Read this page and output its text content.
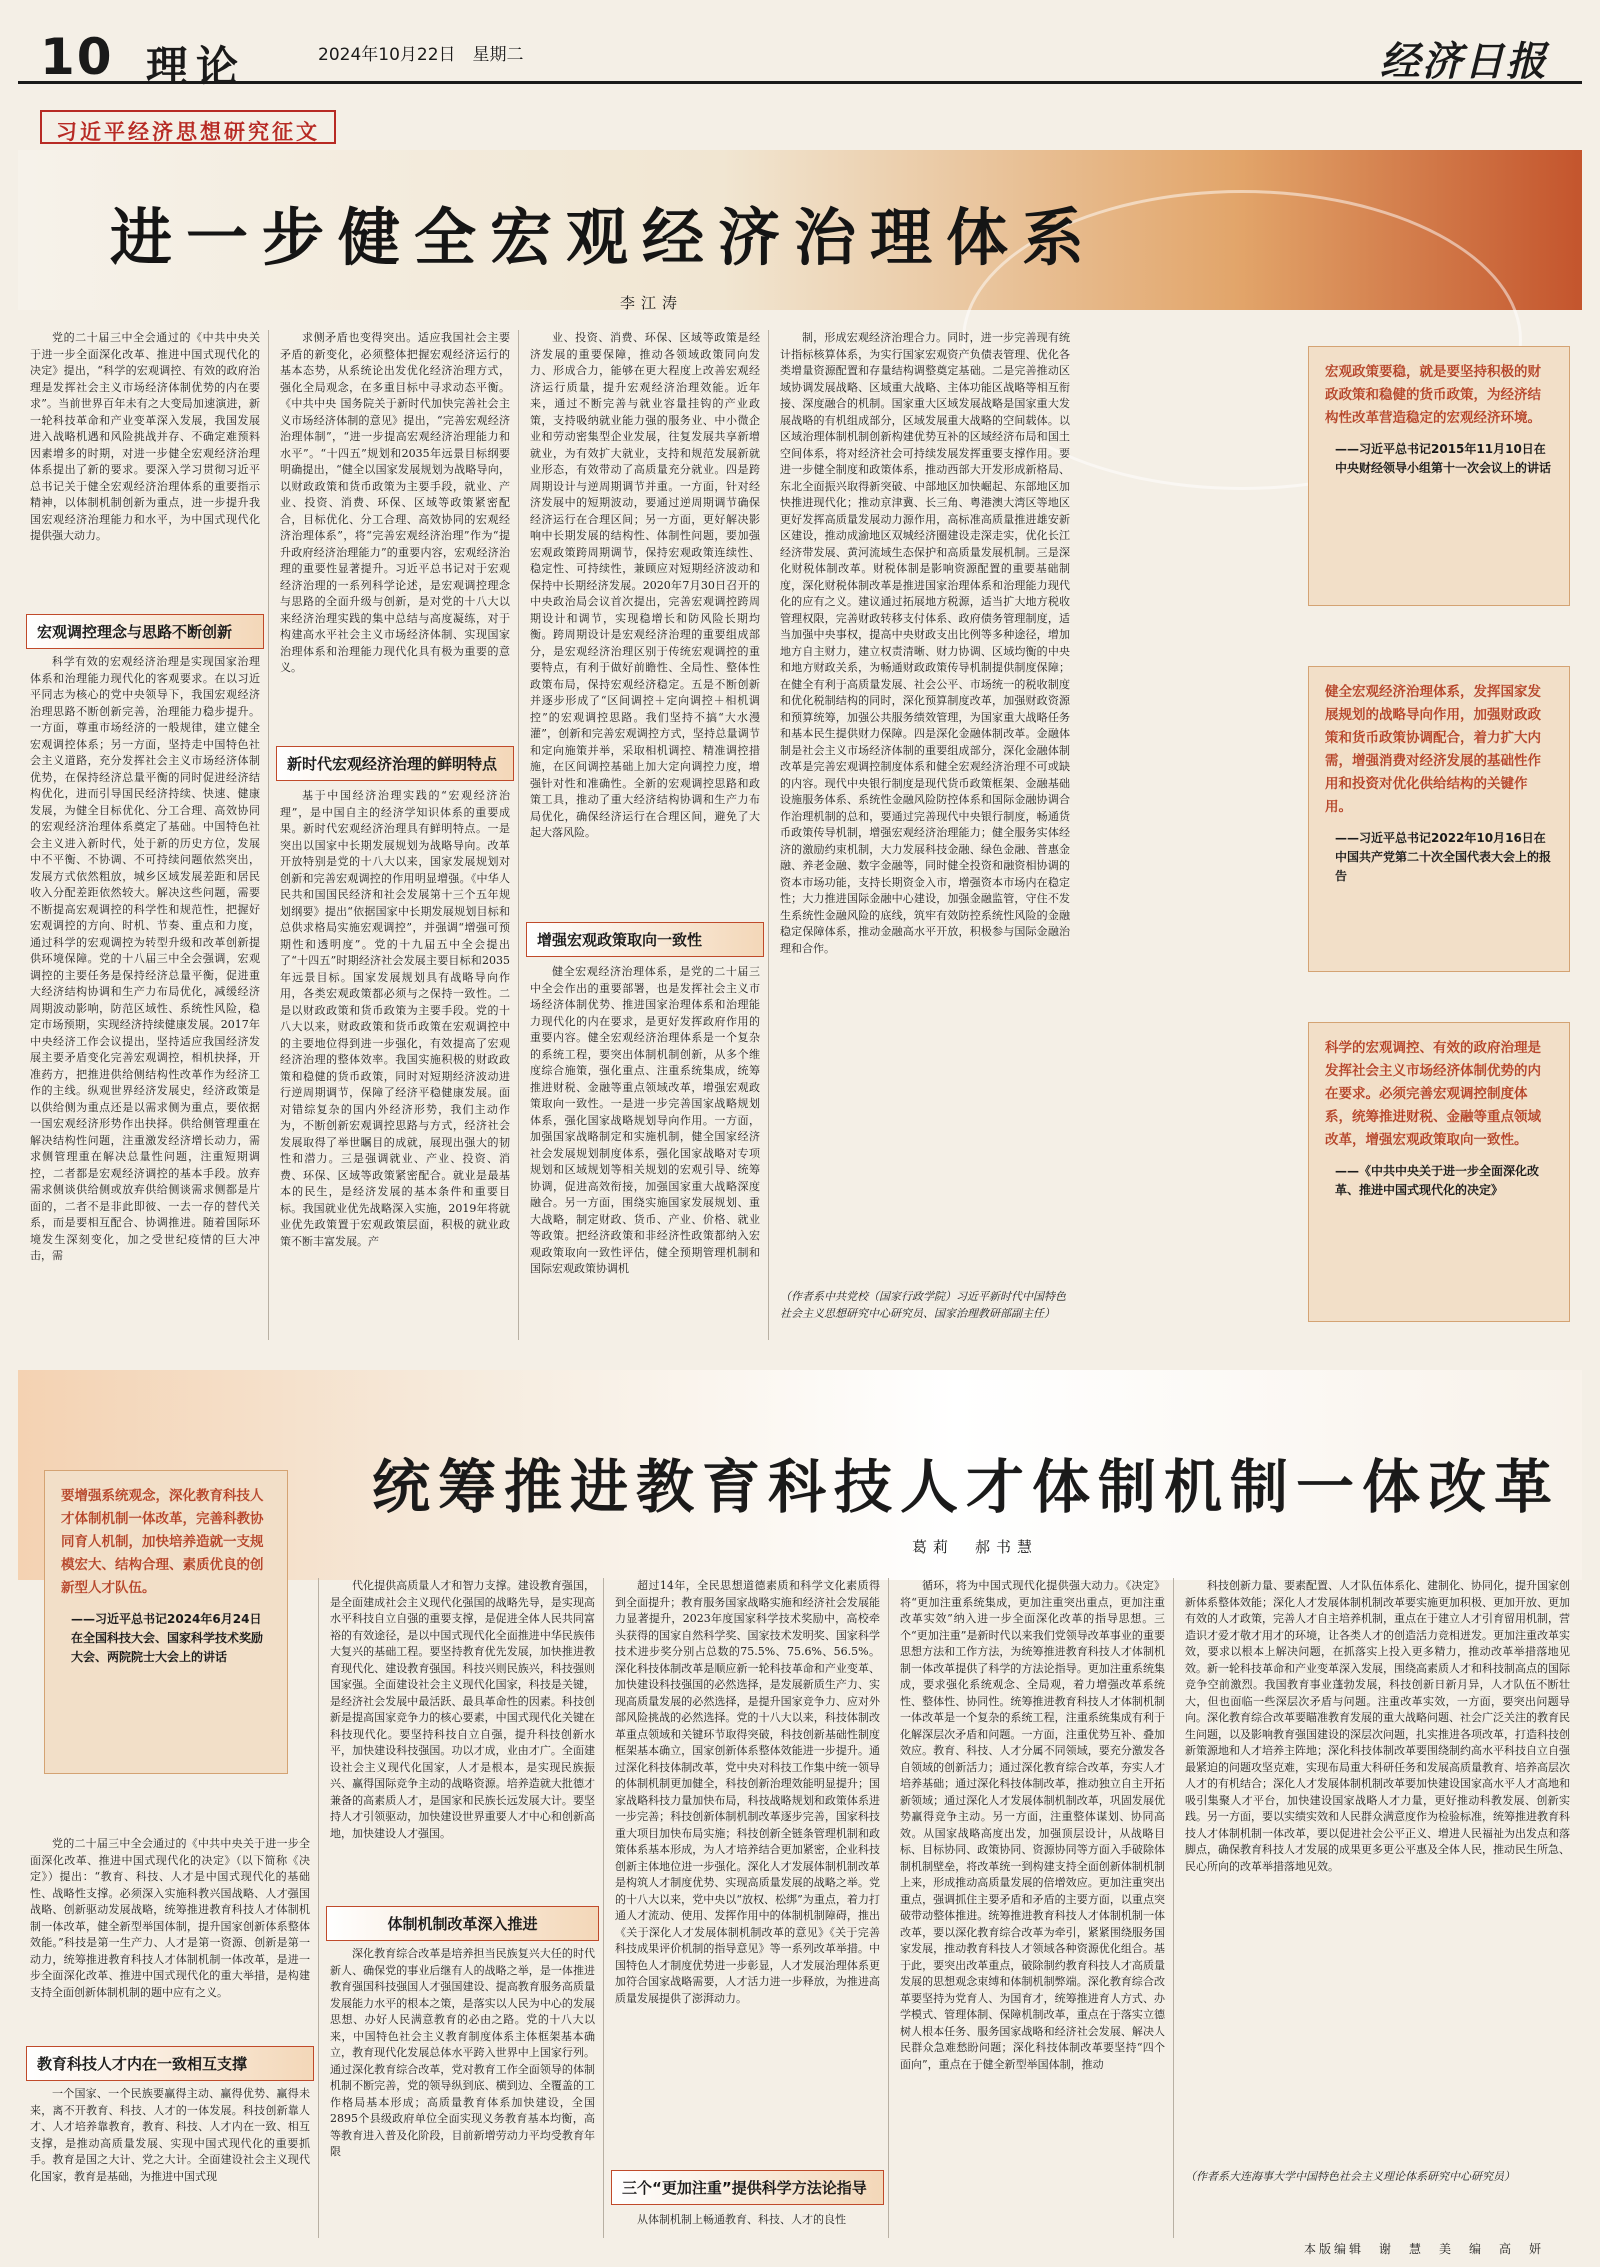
10 理论	2024年10月22日　星期二	经济日报
习近平经济思想研究征文
进一步健全宏观经济治理体系
李江涛

党的二十届三中全会通过的《中共中央关于进一步全面深化改革、推进中国式现代化的决定》提出，“科学的宏观调控、有效的政府治理是发挥社会主义市场经济体制优势的内在要求”。当前世界百年未有之大变局加速演进，新一轮科技革命和产业变革深入发展，我国发展进入战略机遇和风险挑战并存、不确定难预料因素增多的时期，对进一步健全宏观经济治理体系提出了新的要求。要深入学习贯彻习近平总书记关于健全宏观经济治理体系的重要指示精神，以体制机制创新为重点，进一步提升我国宏观经济治理能力和水平，为中国式现代化提供强大动力。

宏观调控理念与思路不断创新

科学有效的宏观经济治理是实现国家治理体系和治理能力现代化的客观要求。在以习近平同志为核心的党中央领导下，我国宏观经济治理思路不断创新完善，治理能力稳步提升。一方面，尊重市场经济的一般规律，建立健全宏观调控体系；另一方面，坚持走中国特色社会主义道路，充分发挥社会主义市场经济体制优势，在保持经济总量平衡的同时促进经济结构优化，进而引导国民经济持续、快速、健康发展，为健全目标优化、分工合理、高效协同的宏观经济治理体系奠定了基础。中国特色社会主义进入新时代，处于新的历史方位，发展中不平衡、不协调、不可持续问题依然突出，发展方式依然粗放，城乡区域发展差距和居民收入分配差距依然较大。解决这些问题，需要不断提高宏观调控的科学性和规范性，把握好宏观调控的方向、时机、节奏、重点和力度，通过科学的宏观调控为转型升级和改革创新提供环境保障。党的十八届三中全会强调，宏观调控的主要任务是保持经济总量平衡，促进重大经济结构协调和生产力布局优化，减缓经济周期波动影响，防范区域性、系统性风险，稳定市场预期，实现经济持续健康发展。2017年中央经济工作会议提出，坚持适应我国经济发展主要矛盾变化完善宏观调控，相机抉择，开准药方，把推进供给侧结构性改革作为经济工作的主线。纵观世界经济发展史，经济政策是以供给侧为重点还是以需求侧为重点，要依据一国宏观经济形势作出抉择。供给侧管理重在解决结构性问题，注重激发经济增长动力，需求侧管理重在解决总量性问题，注重短期调控，二者都是宏观经济调控的基本手段。放弃需求侧谈供给侧或放弃供给侧谈需求侧都是片面的，二者不是非此即彼、一去一存的替代关系，而是要相互配合、协调推进。随着国际环境发生深刻变化，加之受世纪疫情的巨大冲击，需

求侧矛盾也变得突出。适应我国社会主要矛盾的新变化，必须整体把握宏观经济运行的基本态势，从系统论出发优化经济治理方式，强化全局观念，在多重目标中寻求动态平衡。《中共中央 国务院关于新时代加快完善社会主义市场经济体制的意见》提出，“完善宏观经济治理体制”，“进一步提高宏观经济治理能力和水平”。“十四五”规划和2035年远景目标纲要明确提出，“健全以国家发展规划为战略导向，以财政政策和货币政策为主要手段，就业、产业、投资、消费、环保、区域等政策紧密配合，目标优化、分工合理、高效协同的宏观经济治理体系”，将“完善宏观经济治理”作为“提升政府经济治理能力”的重要内容，宏观经济治理的重要性显著提升。习近平总书记对于宏观经济治理的一系列科学论述，是宏观调控理念与思路的全面升级与创新，是对党的十八大以来经济治理实践的集中总结与高度凝练，对于构建高水平社会主义市场经济体制、实现国家治理体系和治理能力现代化具有极为重要的意义。

新时代宏观经济治理的鲜明特点

基于中国经济治理实践的“宏观经济治理”，是中国自主的经济学知识体系的重要成果。新时代宏观经济治理具有鲜明特点。一是突出以国家中长期发展规划为战略导向。改革开放特别是党的十八大以来，国家发展规划对创新和完善宏观调控的作用明显增强。《中华人民共和国国民经济和社会发展第十三个五年规划纲要》提出“依据国家中长期发展规划目标和总供求格局实施宏观调控”，并强调“增强可预期性和透明度”。党的十九届五中全会提出了“十四五”时期经济社会发展主要目标和2035年远景目标。国家发展规划具有战略导向作用，各类宏观政策都必须与之保持一致性。二是以财政政策和货币政策为主要手段。党的十八大以来，财政政策和货币政策在宏观调控中的主要地位得到进一步强化，有效提高了宏观经济治理的整体效率。我国实施积极的财政政策和稳健的货币政策，同时对短期经济波动进行逆周期调节，保障了经济平稳健康发展。面对错综复杂的国内外经济形势，我们主动作为，不断创新宏观调控思路与方式，经济社会发展取得了举世瞩目的成就，展现出强大的韧性和潜力。三是强调就业、产业、投资、消费、环保、区域等政策紧密配合。就业是最基本的民生，是经济发展的基本条件和重要目标。我国就业优先战略深入实施，2019年将就业优先政策置于宏观政策层面，积极的就业政策不断丰富发展。产

业、投资、消费、环保、区域等政策是经济发展的重要保障，推动各领域政策同向发力、形成合力，能够在更大程度上改善宏观经济运行质量，提升宏观经济治理效能。近年来，通过不断完善与就业容量挂钩的产业政策，支持吸纳就业能力强的服务业、中小微企业和劳动密集型企业发展，往复发展共享新增就业，为有效扩大就业，支持和规范发展新就业形态，有效带动了高质量充分就业。四是跨周期设计与逆周期调节并重。一方面，针对经济发展中的短期波动，要通过逆周期调节确保经济运行在合理区间；另一方面，更好解决影响中长期发展的结构性、体制性问题，要加强宏观政策跨周期调节，保持宏观政策连续性、稳定性、可持续性，兼顾应对短期经济波动和保持中长期经济发展。2020年7月30日召开的中央政治局会议首次提出，完善宏观调控跨周期设计和调节，实现稳增长和防风险长期均衡。跨周期设计是宏观经济治理的重要组成部分，是宏观经济治理区别于传统宏观调控的重要特点，有利于做好前瞻性、全局性、整体性政策布局，保持宏观经济稳定。五是不断创新并逐步形成了“区间调控＋定向调控＋相机调控”的宏观调控思路。我们坚持不搞“大水漫灌”，创新和完善宏观调控方式，坚持总量调节和定向施策并举，采取相机调控、精准调控措施，在区间调控基础上加大定向调控力度，增强针对性和准确性。全新的宏观调控思路和政策工具，推动了重大经济结构协调和生产力布局优化，确保经济运行在合理区间，避免了大起大落风险。

增强宏观政策取向一致性

健全宏观经济治理体系，是党的二十届三中全会作出的重要部署，也是发挥社会主义市场经济体制优势、推进国家治理体系和治理能力现代化的内在要求，是更好发挥政府作用的重要内容。健全宏观经济治理体系是一个复杂的系统工程，要突出体制机制创新，从多个维度综合施策，强化重点、注重系统集成，统筹推进财税、金融等重点领域改革，增强宏观政策取向一致性。一是进一步完善国家战略规划体系，强化国家战略规划导向作用。一方面，加强国家战略制定和实施机制，健全国家经济社会发展规划制度体系，强化国家战略对专项规划和区域规划等相关规划的宏观引导、统筹协调，促进高效衔接，加强国家重大战略深度融合。另一方面，围绕实施国家发展规划、重大战略，制定财政、货币、产业、价格、就业等政策。把经济政策和非经济性政策都纳入宏观政策取向一致性评估，健全预期管理机制和国际宏观政策协调机

制，形成宏观经济治理合力。同时，进一步完善现有统计指标核算体系，为实行国家宏观资产负债表管理、优化各类增量资源配置和存量结构调整奠定基础。二是完善推动区域协调发展战略、区域重大战略、主体功能区战略等相互衔接、深度融合的机制。国家重大区域发展战略是国家重大发展战略的有机组成部分，区域发展重大战略的空间载体。以区域治理体制机制创新构建优势互补的区域经济布局和国土空间体系，将对经济社会可持续发展发挥重要支撑作用。要进一步健全制度和政策体系，推动西部大开发形成新格局、东北全面振兴取得新突破、中部地区加快崛起、东部地区加快推进现代化；推动京津冀、长三角、粤港澳大湾区等地区更好发挥高质量发展动力源作用，高标准高质量推进雄安新区建设，推动成渝地区双城经济圈建设走深走实，优化长江经济带发展、黄河流域生态保护和高质量发展机制。三是深化财税体制改革。财税体制是影响资源配置的重要基础制度，深化财税体制改革是推进国家治理体系和治理能力现代化的应有之义。建议通过拓展地方税源，适当扩大地方税收管理权限，完善财政转移支付体系、政府债务管理制度，适当加强中央事权，提高中央财政支出比例等多种途径，增加地方自主财力，建立权责清晰、财力协调、区域均衡的中央和地方财政关系，为畅通财政政策传导机制提供制度保障；在健全有利于高质量发展、社会公平、市场统一的税收制度和优化税制结构的同时，深化预算制度改革，加强财政资源和预算统筹，加强公共服务绩效管理，为国家重大战略任务和基本民生提供财力保障。四是深化金融体制改革。金融体制是社会主义市场经济体制的重要组成部分，深化金融体制改革是完善宏观调控制度体系和健全宏观经济治理不可或缺的内容。现代中央银行制度是现代货币政策框架、金融基础设施服务体系、系统性金融风险防控体系和国际金融协调合作治理机制的总和，要通过完善现代中央银行制度，畅通货币政策传导机制，增强宏观经济治理能力；健全服务实体经济的激励约束机制，大力发展科技金融、绿色金融、普惠金融、养老金融、数字金融等，同时健全投资和融资相协调的资本市场功能，支持长期资金入市，增强资本市场内在稳定性；大力推进国际金融中心建设，加强金融监管，守住不发生系统性金融风险的底线，筑牢有效防控系统性风险的金融稳定保障体系，推动金融高水平开放，积极参与国际金融治理和合作。

（作者系中共党校（国家行政学院）习近平新时代中国特色社会主义思想研究中心研究员、国家治理教研部副主任）
宏观政策要稳，就是要坚持积极的财政政策和稳健的货币政策，为经济结构性改革营造稳定的宏观经济环境。
——习近平总书记2015年11月10日在中央财经领导小组第十一次会议上的讲话
健全宏观经济治理体系，发挥国家发展规划的战略导向作用，加强财政政策和货币政策协调配合，着力扩大内需，增强消费对经济发展的基础性作用和投资对优化供给结构的关键作用。
——习近平总书记2022年10月16日在中国共产党第二十次全国代表大会上的报告
科学的宏观调控、有效的政府治理是发挥社会主义市场经济体制优势的内在要求。必须完善宏观调控制度体系，统筹推进财税、金融等重点领域改革，增强宏观政策取向一致性。
——《中共中央关于进一步全面深化改革、推进中国式现代化的决定》
统筹推进教育科技人才体制机制一体改革
葛莉　郝书慧
要增强系统观念，深化教育科技人才体制机制一体改革，完善科教协同育人机制，加快培养造就一支规模宏大、结构合理、素质优良的创新型人才队伍。
——习近平总书记2024年6月24日在全国科技大会、国家科学技术奖励大会、两院院士大会上的讲话

党的二十届三中全会通过的《中共中央关于进一步全面深化改革、推进中国式现代化的决定》（以下简称《决定》）提出：“教育、科技、人才是中国式现代化的基础性、战略性支撑。必须深入实施科教兴国战略、人才强国战略、创新驱动发展战略，统筹推进教育科技人才体制机制一体改革，健全新型举国体制，提升国家创新体系整体效能。”科技是第一生产力、人才是第一资源、创新是第一动力，统筹推进教育科技人才体制机制一体改革，是进一步全面深化改革、推进中国式现代化的重大举措，是构建支持全面创新体制机制的题中应有之义。

教育科技人才内在一致相互支撑

一个国家、一个民族要赢得主动、赢得优势、赢得未来，离不开教育、科技、人才的一体发展。科技创新靠人才、人才培养靠教育，教育、科技、人才内在一致、相互支撑，是推动高质量发展、实现中国式现代化的重要抓手。教育是国之大计、党之大计。全面建设社会主义现代化国家，教育是基础，为推进中国式现

代化提供高质量人才和智力支撑。建设教育强国，是全面建成社会主义现代化强国的战略先导，是实现高水平科技自立自强的重要支撑，是促进全体人民共同富裕的有效途径，是以中国式现代化全面推进中华民族伟大复兴的基础工程。要坚持教育优先发展，加快推进教育现代化、建设教育强国。科技兴则民族兴，科技强则国家强。全面建设社会主义现代化国家，科技是关键，是经济社会发展中最活跃、最具革命性的因素。科技创新是提高国家竞争力的核心要素，中国式现代化关键在科技现代化。要坚持科技自立自强，提升科技创新水平，加快建设科技强国。功以才成，业由才广。全面建设社会主义现代化国家，人才是根本，是实现民族振兴、赢得国际竞争主动的战略资源。培养造就大批德才兼备的高素质人才，是国家和民族长远发展大计。要坚持人才引领驱动，加快建设世界重要人才中心和创新高地，加快建设人才强国。

体制机制改革深入推进

深化教育综合改革是培养担当民族复兴大任的时代新人、确保党的事业后继有人的战略之举，是一体推进教育强国科技强国人才强国建设、提高教育服务高质量发展能力水平的根本之策，是落实以人民为中心的发展思想、办好人民满意教育的必由之路。党的十八大以来，中国特色社会主义教育制度体系主体框架基本确立，教育现代化发展总体水平跨入世界中上国家行列。通过深化教育综合改革，党对教育工作全面领导的体制机制不断完善，党的领导纵到底、横到边、全覆盖的工作格局基本形成；高质量教育体系加快建设，全国2895个县级政府单位全面实现义务教育基本均衡，高等教育进入普及化阶段，目前新增劳动力平均受教育年限

超过14年，全民思想道德素质和科学文化素质得到全面提升；教育服务国家战略实施和经济社会发展能力显著提升，2023年度国家科学技术奖励中，高校牵头获得的国家自然科学奖、国家技术发明奖、国家科学技术进步奖分别占总数的75.5%、75.6%、56.5%。深化科技体制改革是顺应新一轮科技革命和产业变革、加快建设科技强国的必然选择，是发展新质生产力、实现高质量发展的必然选择，是提升国家竞争力、应对外部风险挑战的必然选择。党的十八大以来，科技体制改革重点领域和关键环节取得突破，科技创新基础性制度框架基本确立，国家创新体系整体效能进一步提升。通过深化科技体制改革，党中央对科技工作集中统一领导的体制机制更加健全，科技创新治理效能明显提升；国家战略科技力量加快布局，科技战略规划和政策体系进一步完善；科技创新体制机制改革逐步完善，国家科技重大项目加快布局实施；科技创新全链条管理机制和政策体系基本形成，为人才培养结合更加紧密，企业科技创新主体地位进一步强化。深化人才发展体制机制改革是构筑人才制度优势、实现高质量发展的战略之举。党的十八大以来，党中央以“放权、松绑”为重点，着力打通人才流动、使用、发挥作用中的体制机制障碍，推出《关于深化人才发展体制机制改革的意见》《关于完善科技成果评价机制的指导意见》等一系列改革举措。中国特色人才制度优势进一步彰显，人才发展治理体系更加符合国家战略需要，人才活力进一步释放，为推进高质量发展提供了澎湃动力。

三个“更加注重”提供科学方法论指导

从体制机制上畅通教育、科技、人才的良性

循环，将为中国式现代化提供强大动力。《决定》将“更加注重系统集成，更加注重突出重点，更加注重改革实效”纳入进一步全面深化改革的指导思想。三个“更加注重”是新时代以来我们党领导改革事业的重要思想方法和工作方法，为统筹推进教育科技人才体制机制一体改革提供了科学的方法论指导。更加注重系统集成，要求强化系统观念、全局观，着力增强改革系统性、整体性、协同性。统筹推进教育科技人才体制机制一体改革是一个复杂的系统工程，注重系统集成有利于化解深层次矛盾和问题。一方面，注重优势互补、叠加效应。教育、科技、人才分属不同领域，要充分激发各自领域的创新活力；通过深化教育综合改革，夯实人才培养基础；通过深化科技体制改革，推动独立自主开拓新领域；通过深化人才发展体制机制改革，巩固发展优势赢得竞争主动。另一方面，注重整体谋划、协同高效。从国家战略高度出发，加强顶层设计，从战略目标、目标协同、政策协同、资源协同等方面入手破除体制机制壁垒，将改革统一到构建支持全面创新体制机制上来，形成推动高质量发展的倍增效应。更加注重突出重点，强调抓住主要矛盾和矛盾的主要方面，以重点突破带动整体推进。统筹推进教育科技人才体制机制一体改革，要以深化教育综合改革为牵引，紧紧围绕服务国家发展，推动教育科技人才领域各种资源优化组合。基于此，要突出改革重点，破除制约教育科技人才高质量发展的思想观念束缚和体制机制弊端。深化教育综合改革要坚持为党育人、为国育才，统筹推进育人方式、办学模式、管理体制、保障机制改革，重点在于落实立德树人根本任务、服务国家战略和经济社会发展、解决人民群众急难愁盼问题；深化科技体制改革要坚持“四个面向”，重点在于健全新型举国体制，推动

科技创新力量、要素配置、人才队伍体系化、建制化、协同化，提升国家创新体系整体效能；深化人才发展体制机制改革要实施更加积极、更加开放、更加有效的人才政策，完善人才自主培养机制，重点在于建立人才引育留用机制，营造识才爱才敬才用才的环境，让各类人才的创造活力竞相迸发。更加注重改革实效，要求以根本上解决问题，在抓落实上投入更多精力，推动改革举措落地见效。新一轮科技革命和产业变革深入发展，围绕高素质人才和科技制高点的国际竞争空前激烈。我国教育事业蓬勃发展，科技创新日新月异，人才队伍不断壮大，但也面临一些深层次矛盾与问题。注重改革实效，一方面，要突出问题导向。深化教育综合改革要瞄准教育发展的重大战略问题、社会广泛关注的教育民生问题，以及影响教育强国建设的深层次问题，扎实推进各项改革，打造科技创新策源地和人才培养主阵地；深化科技体制改革要围绕制约高水平科技自立自强最紧迫的问题攻坚克难，实现布局重大科研任务和发展高质量教育、培养高层次人才的有机结合；深化人才发展体制机制改革要加快建设国家高水平人才高地和吸引集聚人才平台，加快建设国家战略人才力量，更好推动科教发展、创新实践。另一方面，要以实绩实效和人民群众满意度作为检验标准，统筹推进教育科技人才体制机制一体改革，要以促进社会公平正义、增进人民福祉为出发点和落脚点，确保教育科技人才发展的成果更多更公平惠及全体人民，推动民生所急、民心所向的改革举措落地见效。

（作者系大连海事大学中国特色社会主义理论体系研究中心研究员）
本版编辑　谢　慧　美　编　高　妍
